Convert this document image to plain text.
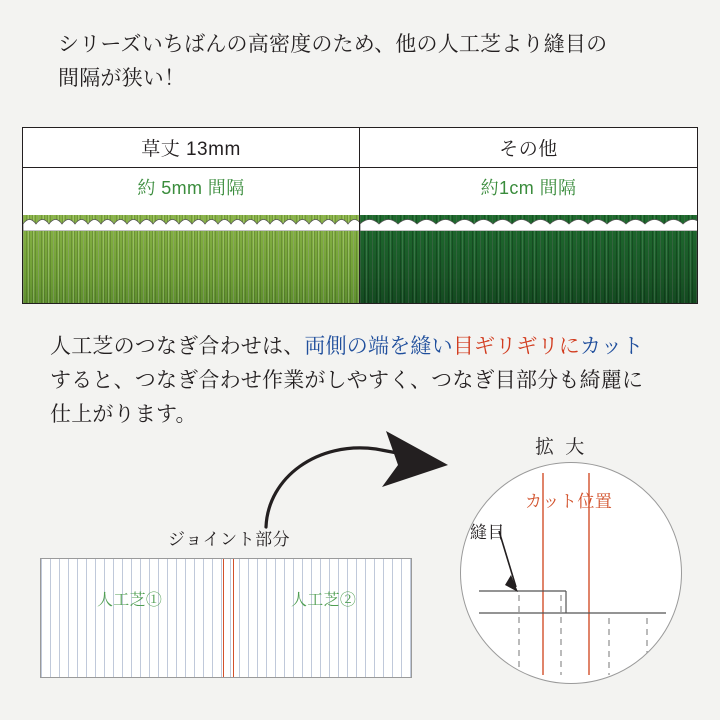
シリーズいちばんの高密度のため、他の人工芝より縫目の
間隔が狭い！
草丈 13mm
約 5mm 間隔
その他
約1cm 間隔
人工芝のつなぎ合わせは、両側の端を縫い目ギリギリにカット
すると、つなぎ合わせ作業がしやすく、つなぎ目部分も綺麗に
仕上がります。
ジョイント部分
人工芝①	人工芝②
拡 大
カット位置
縫目
